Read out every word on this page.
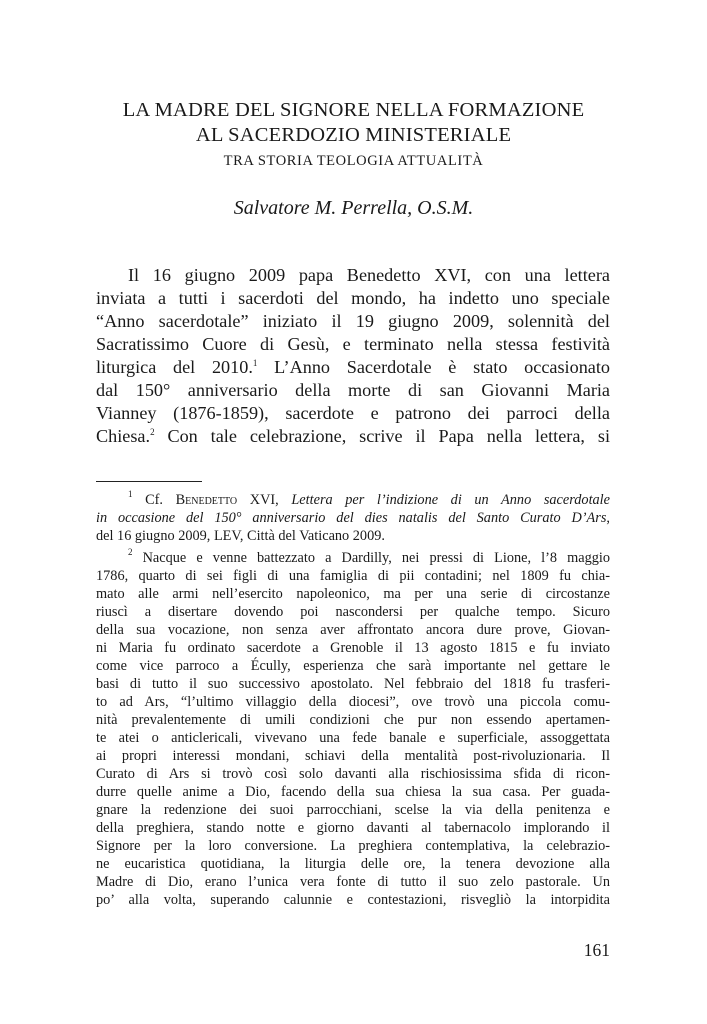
LA MADRE DEL SIGNORE NELLA FORMAZIONE
AL SACERDOZIO MINISTERIALE
TRA STORIA TEOLOGIA ATTUALITÀ
Salvatore M. Perrella, O.S.M.
Il 16 giugno 2009 papa Benedetto XVI, con una lettera
inviata a tutti i sacerdoti del mondo, ha indetto uno speciale
“Anno sacerdotale” iniziato il 19 giugno 2009, solennità del
Sacratissimo Cuore di Gesù, e terminato nella stessa festività
liturgica del 2010.$^1$ L’Anno Sacerdotale è stato occasionato
dal 150° anniversario della morte di san Giovanni Maria
Vianney (1876-1859), sacerdote e patrono dei parroci della
Chiesa.$^2$ Con tale celebrazione, scrive il Papa nella lettera, si
$^1$ Cf. Benedetto XVI, Lettera per l’indizione di un Anno sacerdotale
in occasione del 150° anniversario del dies natalis del Santo Curato D’Ars,
del 16 giugno 2009, LEV, Città del Vaticano 2009.
$^2$ Nacque e venne battezzato a Dardilly, nei pressi di Lione, l’8 maggio
1786, quarto di sei figli di una famiglia di pii contadini; nel 1809 fu chia-
mato alle armi nell’esercito napoleonico, ma per una serie di circostanze
riuscì a disertare dovendo poi nascondersi per qualche tempo. Sicuro
della sua vocazione, non senza aver affrontato ancora dure prove, Giovan-
ni Maria fu ordinato sacerdote a Grenoble il 13 agosto 1815 e fu inviato
come vice parroco a Écully, esperienza che sarà importante nel gettare le
basi di tutto il suo successivo apostolato. Nel febbraio del 1818 fu trasferi-
to ad Ars, “l’ultimo villaggio della diocesi”, ove trovò una piccola comu-
nità prevalentemente di umili condizioni che pur non essendo apertamen-
te atei o anticlericali, vivevano una fede banale e superficiale, assoggettata
ai propri interessi mondani, schiavi della mentalità post-rivoluzionaria. Il
Curato di Ars si trovò così solo davanti alla rischiosissima sfida di ricon-
durre quelle anime a Dio, facendo della sua chiesa la sua casa. Per guada-
gnare la redenzione dei suoi parrocchiani, scelse la via della penitenza e
della preghiera, stando notte e giorno davanti al tabernacolo implorando il
Signore per la loro conversione. La preghiera contemplativa, la celebrazio-
ne eucaristica quotidiana, la liturgia delle ore, la tenera devozione alla
Madre di Dio, erano l’unica vera fonte di tutto il suo zelo pastorale. Un
po’ alla volta, superando calunnie e contestazioni, risvegliò la intorpidita
161
